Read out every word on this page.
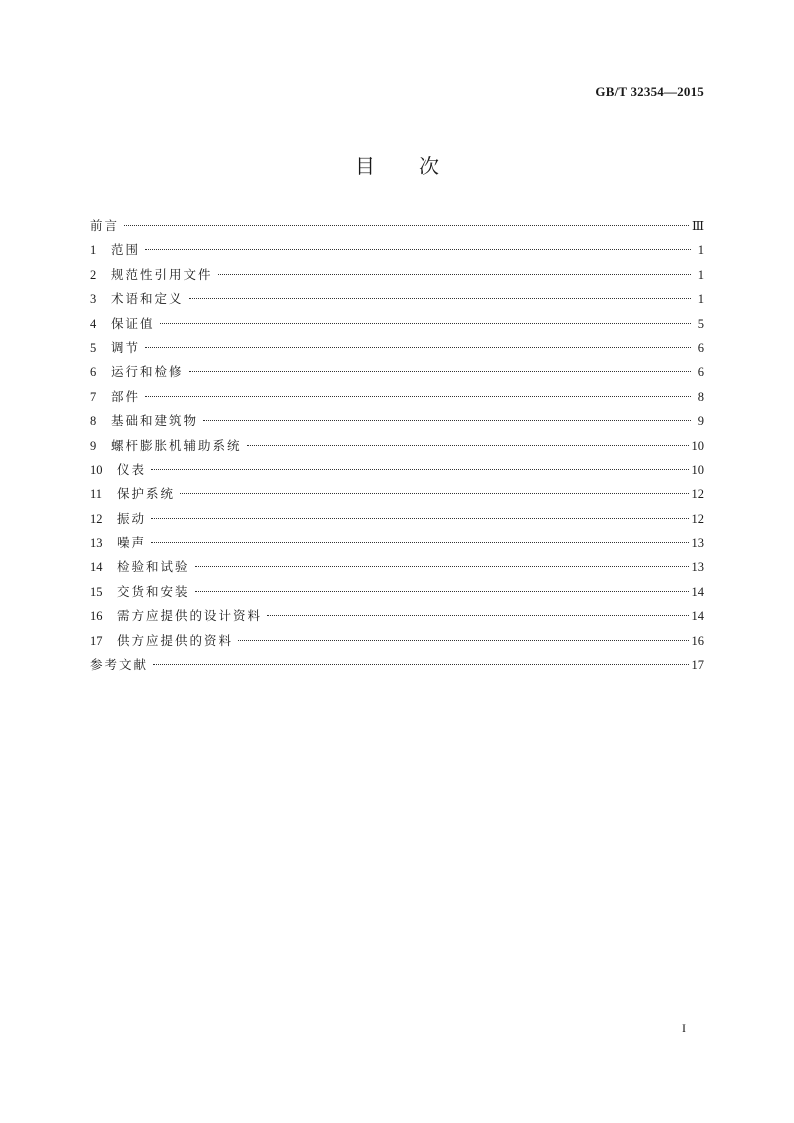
GB/T 32354—2015
目次
前言	Ⅲ
1	范围	1
2	规范性引用文件	1
3	术语和定义	1
4	保证值	5
5	调节	6
6	运行和检修	6
7	部件	8
8	基础和建筑物	9
9	螺杆膨胀机辅助系统	10
10	仪表	10
11	保护系统	12
12	振动	12
13	噪声	13
14	检验和试验	13
15	交货和安装	14
16	需方应提供的设计资料	14
17	供方应提供的资料	16
参考文献	17
I
